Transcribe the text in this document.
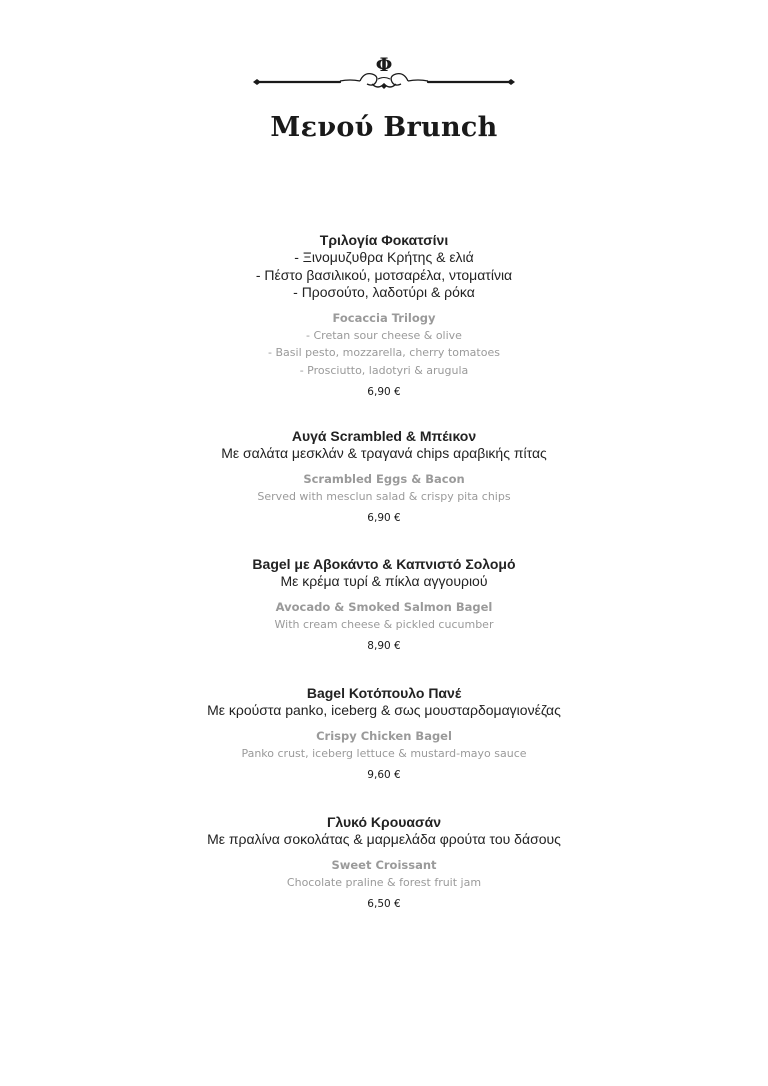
Φ
Μενού Brunch
Τριλογία Φοκατσίνι
- Ξινομυζυθρα Κρήτης & ελιά
- Πέστο βασιλικού, μοτσαρέλα, ντοματίνια
- Προσούτο, λαδοτύρι & ρόκα
Focaccia Trilogy
- Cretan sour cheese & olive
- Basil pesto, mozzarella, cherry tomatoes
- Prosciutto, ladotyri & arugula
6,90 €
Αυγά Scrambled & Μπέικον
Με σαλάτα μεσκλάν & τραγανά chips αραβικής πίτας
Scrambled Eggs & Bacon
Served with mesclun salad & crispy pita chips
6,90 €
Bagel με Αβοκάντο & Καπνιστό Σολομό
Με κρέμα τυρί & πίκλα αγγουριού
Avocado & Smoked Salmon Bagel
With cream cheese & pickled cucumber
8,90 €
Bagel Κοτόπουλο Πανέ
Με κρούστα panko, iceberg & σως μουσταρδομαγιονέζας
Crispy Chicken Bagel
Panko crust, iceberg lettuce & mustard-mayo sauce
9,60 €
Γλυκό Κρουασάν
Με πραλίνα σοκολάτας & μαρμελάδα φρούτα του δάσους
Sweet Croissant
Chocolate praline & forest fruit jam
6,50 €
